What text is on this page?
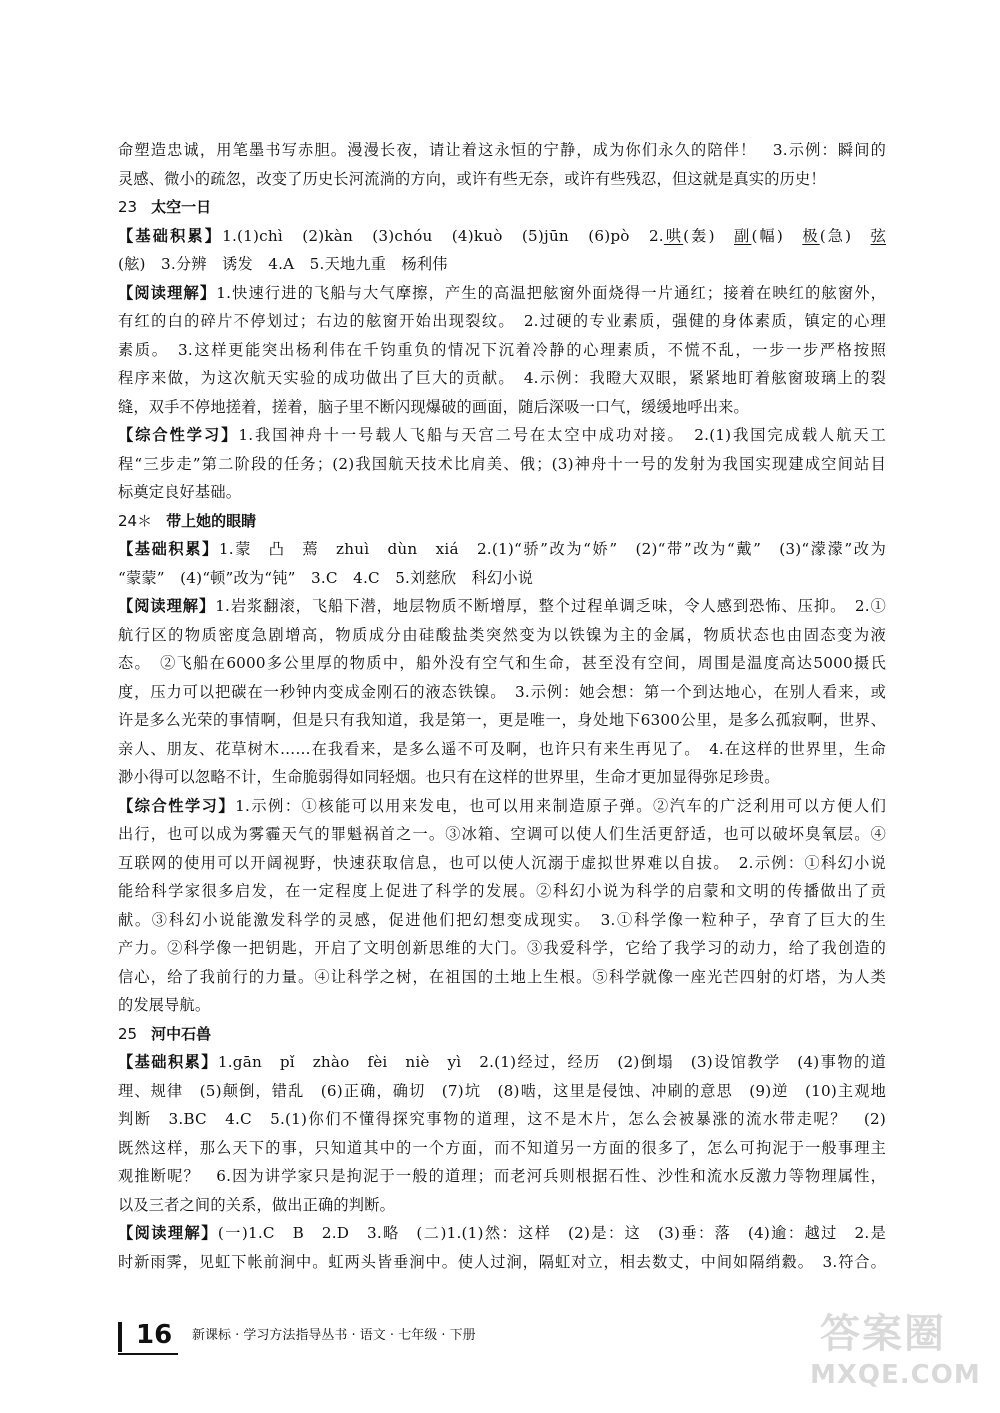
命塑造忠诚，用笔墨书写赤胆。漫漫长夜，请让着这永恒的宁静，成为你们永久的陪伴！　3.示例：瞬间的
灵感、微小的疏忽，改变了历史长河流淌的方向，或许有些无奈，或许有些残忍，但这就是真实的历史！
23 太空一日
【基础积累】1.(1)chì　(2)kàn　(3)chóu　(4)kuò　(5)jūn　(6)pò　2.哄(轰)　副(幅)　极(急)　弦
(舷)　3.分辨　诱发　4.A　5.天地九重　杨利伟
【阅读理解】1.快速行进的飞船与大气摩擦，产生的高温把舷窗外面烧得一片通红；接着在映红的舷窗外，
有红的白的碎片不停划过；右边的舷窗开始出现裂纹。　2.过硬的专业素质，强健的身体素质，镇定的心理
素质。　3.这样更能突出杨利伟在千钧重负的情况下沉着冷静的心理素质，不慌不乱，一步一步严格按照
程序来做，为这次航天实验的成功做出了巨大的贡献。　4.示例：我瞪大双眼，紧紧地盯着舷窗玻璃上的裂
缝，双手不停地搓着，搓着，脑子里不断闪现爆破的画面，随后深吸一口气，缓缓地呼出来。
【综合性学习】1.我国神舟十一号载人飞船与天宫二号在太空中成功对接。　2.(1)我国完成载人航天工
程“三步走”第二阶段的任务；(2)我国航天技术比肩美、俄；(3)神舟十一号的发射为我国实现建成空间站目
标奠定良好基础。
24＊ 带上她的眼睛
【基础积累】1.蒙　凸　蔫　zhuì　dùn　xiá　2.(1)“骄”改为“娇”　(2)“带”改为“戴”　(3)“濛濛”改为
“蒙蒙”　(4)“顿”改为“钝”　3.C　4.C　5.刘慈欣　科幻小说
【阅读理解】1.岩浆翻滚，飞船下潜，地层物质不断增厚，整个过程单调乏味，令人感到恐怖、压抑。　2.①
航行区的物质密度急剧增高，物质成分由硅酸盐类突然变为以铁镍为主的金属，物质状态也由固态变为液
态。　②飞船在6000多公里厚的物质中，船外没有空气和生命，甚至没有空间，周围是温度高达5000摄氏
度，压力可以把碳在一秒钟内变成金刚石的液态铁镍。　3.示例：她会想：第一个到达地心，在别人看来，或
许是多么光荣的事情啊，但是只有我知道，我是第一，更是唯一，身处地下6300公里，是多么孤寂啊，世界、
亲人、朋友、花草树木……在我看来，是多么遥不可及啊，也许只有来生再见了。　4.在这样的世界里，生命
渺小得可以忽略不计，生命脆弱得如同轻烟。也只有在这样的世界里，生命才更加显得弥足珍贵。
【综合性学习】1.示例：①核能可以用来发电，也可以用来制造原子弹。②汽车的广泛利用可以方便人们
出行，也可以成为雾霾天气的罪魁祸首之一。③冰箱、空调可以使人们生活更舒适，也可以破坏臭氧层。④
互联网的使用可以开阔视野，快速获取信息，也可以使人沉溺于虚拟世界难以自拔。　2.示例：①科幻小说
能给科学家很多启发，在一定程度上促进了科学的发展。②科幻小说为科学的启蒙和文明的传播做出了贡
献。③科幻小说能激发科学的灵感，促进他们把幻想变成现实。　3.①科学像一粒种子，孕育了巨大的生
产力。②科学像一把钥匙，开启了文明创新思维的大门。③我爱科学，它给了我学习的动力，给了我创造的
信心，给了我前行的力量。④让科学之树，在祖国的土地上生根。⑤科学就像一座光芒四射的灯塔，为人类
的发展导航。
25 河中石兽
【基础积累】1.gān　pǐ　zhào　fèi　niè　yì　2.(1)经过，经历　(2)倒塌　(3)设馆教学　(4)事物的道
理、规律　(5)颠倒，错乱　(6)正确，确切　(7)坑　(8)啮，这里是侵蚀、冲刷的意思　(9)逆　(10)主观地
判断　3.BC　4.C　5.(1)你们不懂得探究事物的道理，这不是木片，怎么会被暴涨的流水带走呢？　(2)
既然这样，那么天下的事，只知道其中的一个方面，而不知道另一方面的很多了，怎么可拘泥于一般事理主
观推断呢？　6.因为讲学家只是拘泥于一般的道理；而老河兵则根据石性、沙性和流水反激力等物理属性，
以及三者之间的关系，做出正确的判断。
【阅读理解】(一)1.C　B　2.D　3.略　(二)1.(1)然：这样　(2)是：这　(3)垂：落　(4)逾：越过　2.是
时新雨霁，见虹下帐前涧中。虹两头皆垂涧中。使人过涧，隔虹对立，相去数丈，中间如隔绡縠。　3.符合。
16 新课标 · 学习方法指导丛书 · 语文 · 七年级 · 下册	答案圈
MXQE.COM
